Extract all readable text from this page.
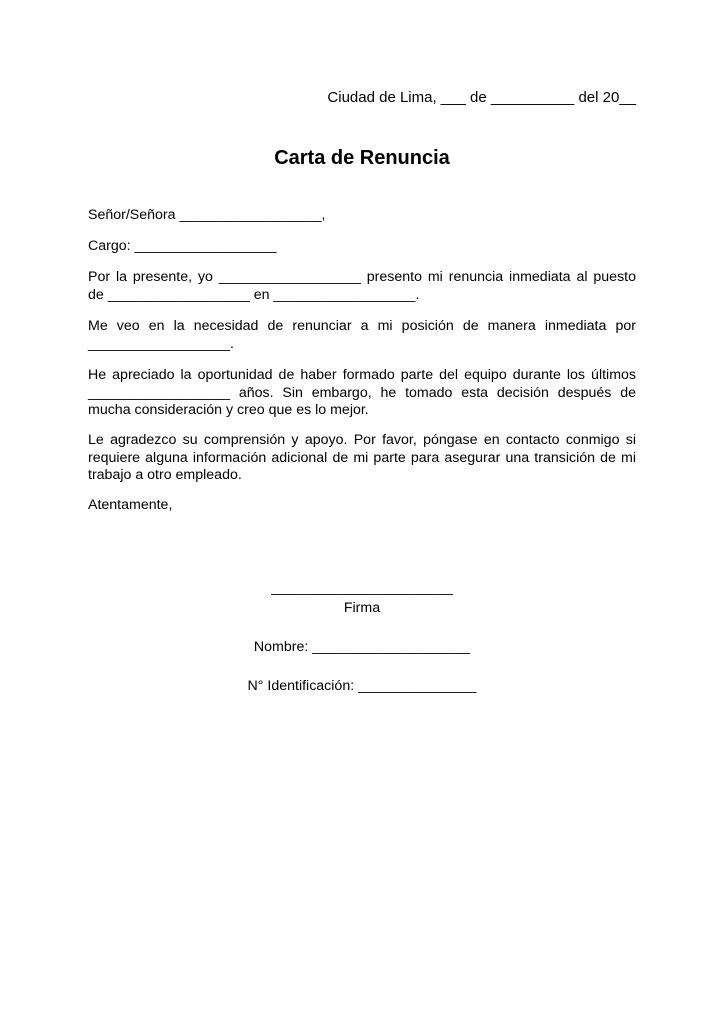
Ciudad de Lima, ___ de __________ del 20__
Carta de Renuncia

Señor/Señora __________________,

Cargo: __________________

Por la presente, yo __________________ presento mi renuncia inmediata al puesto de __________________ en __________________.

Me veo en la necesidad de renunciar a mi posición de manera inmediata por __________________.

He apreciado la oportunidad de haber formado parte del equipo durante los últimos __________________ años. Sin embargo, he tomado esta decisión después de mucha consideración y creo que es lo mejor.

Le agradezco su comprensión y apoyo. Por favor, póngase en contacto conmigo si requiere alguna información adicional de mi parte para asegurar una transición de mi trabajo a otro empleado.

Atentamente,

_______________________
Firma
Nombre: ____________________
N° Identificación: _______________
